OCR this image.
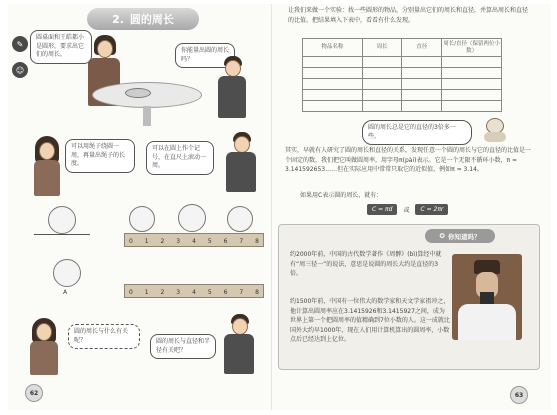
2. 圆的周长
✎
☺
圆桌面和王皓都小是圆形，要求出它们的周长。
你能量出圆的周长吗？
可以用绳子绕圆一周，再量出绳子的长度。
可以在圆上作个记号，在直尺上滚动一周。
0 1 2 3 4 5 6 7 8
A	0 1 2 3 4 5 6 7 8
圆的周长与什么有关呢？	圆的周长与直径和半径有关吧？
62
让我们来做一个实验：找一些圆形的物品，分别量出它们的周长和直径，并算出周长和直径的比值。把结果填入下表中，看看有什么发现。
物品名称	周长	直径	周长/直径（保留两位小数）

圆的周长总是它的直径的3倍多一些。
其实，早就有人研究了圆的周长和直径的关系，发现任意一个圆的周长与它的直径的比值是一个固定的数，我们把它叫做圆周率，用字母π(pài)表示。它是一个无限不循环小数，π = 3.141592653……但在实际应用中常常只取它的近似值，例如π ≈ 3.14。
如果用C表示圆的周长，就有：
C = πd	或	C = 2πr
✪ 你知道吗？
约2000年前，中国的古代数学著作《周髀》(bì)算经中就有“周三径一”的说法，意思是说圆的周长大约是直径的3倍。
约1500年前，中国有一位伟大的数学家和天文学家祖冲之，他计算出圆周率应在3.1415926和3.1415927之间，成为世界上第一个把圆周率的值精确到7位小数的人。这一成就比国外大约早1000年，现在人们用计算机算出的圆周率，小数点后已经达到上亿位。
63
